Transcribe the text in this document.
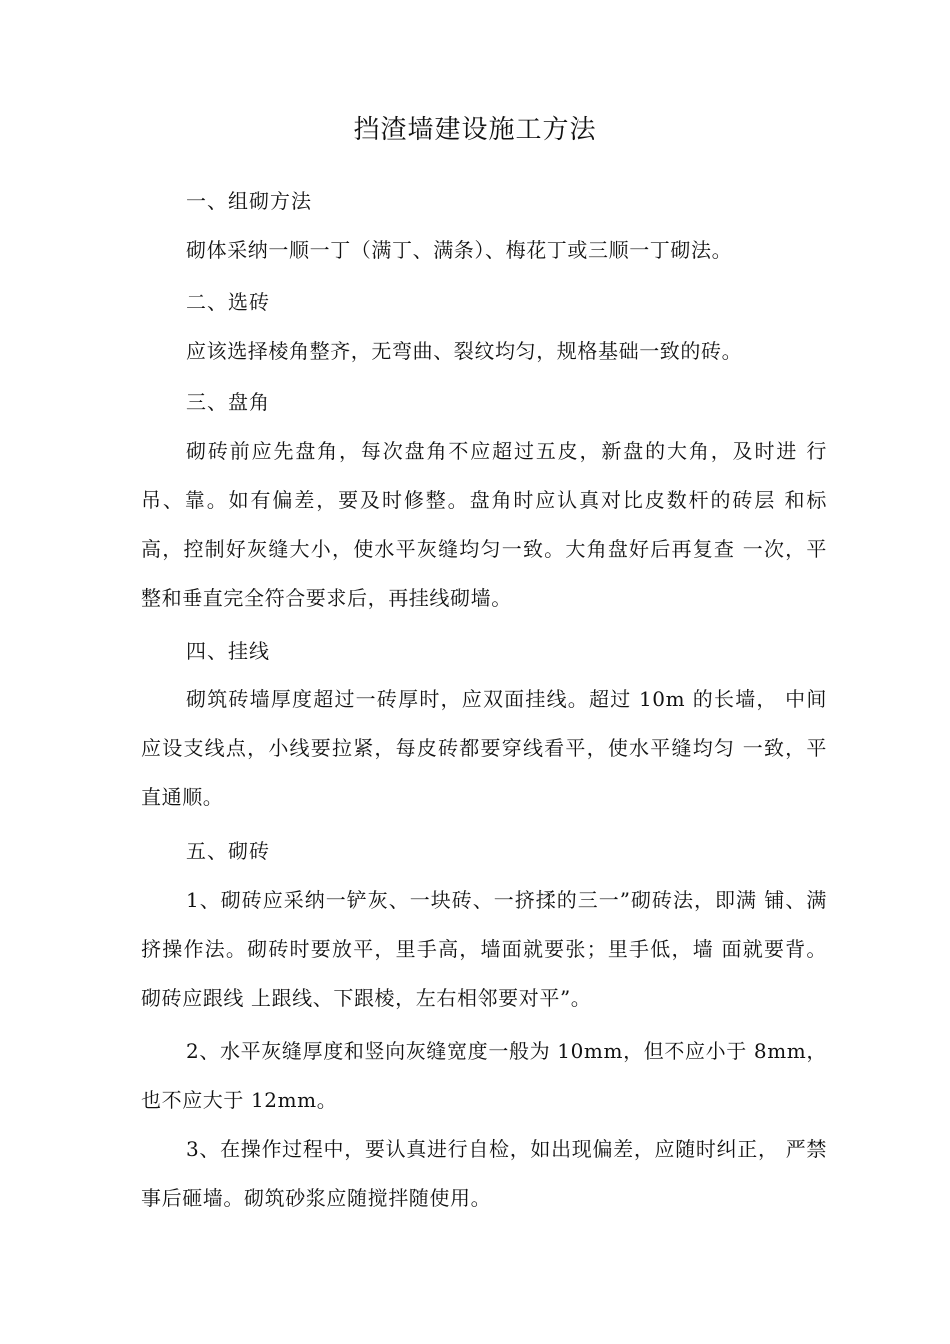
挡渣墙建设施工方法
一、组砌方法
砌体采纳一顺一丁（满丁、满条）、梅花丁或三顺一丁砌法。
二、选砖
应该选择棱角整齐，无弯曲、裂纹均匀，规格基础一致的砖。
三、盘角
砌砖前应先盘角，每次盘角不应超过五皮，新盘的大角，及时进 行吊、靠。如有偏差，要及时修整。盘角时应认真对比皮数杆的砖层 和标高，控制好灰缝大小，使水平灰缝均匀一致。大角盘好后再复查 一次，平整和垂直完全符合要求后，再挂线砌墙。
四、挂线
砌筑砖墙厚度超过一砖厚时，应双面挂线。超过 10m 的长墙， 中间应设支线点，小线要拉紧，每皮砖都要穿线看平，使水平缝均匀 一致，平直通顺。
五、砌砖
1、砌砖应采纳一铲灰、一块砖、一挤揉的三一”砌砖法，即满 铺、满挤操作法。砌砖时要放平，里手高，墙面就要张；里手低，墙 面就要背。砌砖应跟线 上跟线、下跟棱，左右相邻要对平”。
2、水平灰缝厚度和竖向灰缝宽度一般为 10mm，但不应小于 8mm， 也不应大于 12mm。
3、在操作过程中，要认真进行自检，如出现偏差，应随时纠正， 严禁事后砸墙。砌筑砂浆应随搅拌随使用。
